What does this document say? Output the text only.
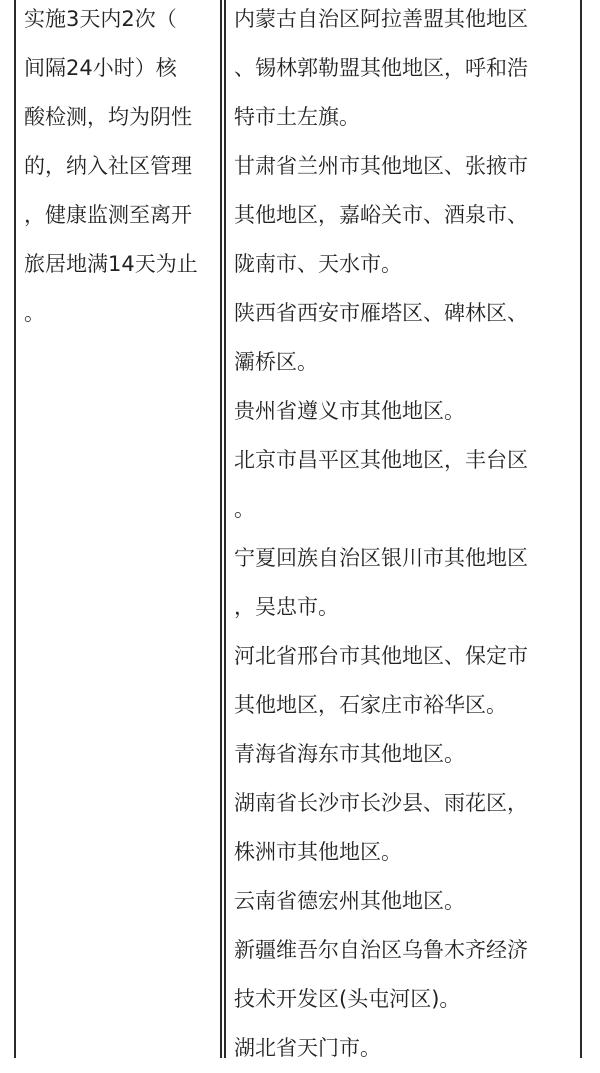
实施3天内2次（
间隔24小时）核
酸检测，均为阴性
的，纳入社区管理
，健康监测至离开
旅居地满14天为止
。
内蒙古自治区阿拉善盟其他地区
、锡林郭勒盟其他地区，呼和浩
特市土左旗。
甘肃省兰州市其他地区、张掖市
其他地区，嘉峪关市、酒泉市、
陇南市、天水市。
陕西省西安市雁塔区、碑林区、
灞桥区。
贵州省遵义市其他地区。
北京市昌平区其他地区，丰台区
。
宁夏回族自治区银川市其他地区
，吴忠市。
河北省邢台市其他地区、保定市
其他地区，石家庄市裕华区。
青海省海东市其他地区。
湖南省长沙市长沙县、雨花区，
株洲市其他地区。
云南省德宏州其他地区。
新疆维吾尔自治区乌鲁木齐经济
技术开发区(头屯河区)。
湖北省天门市。
